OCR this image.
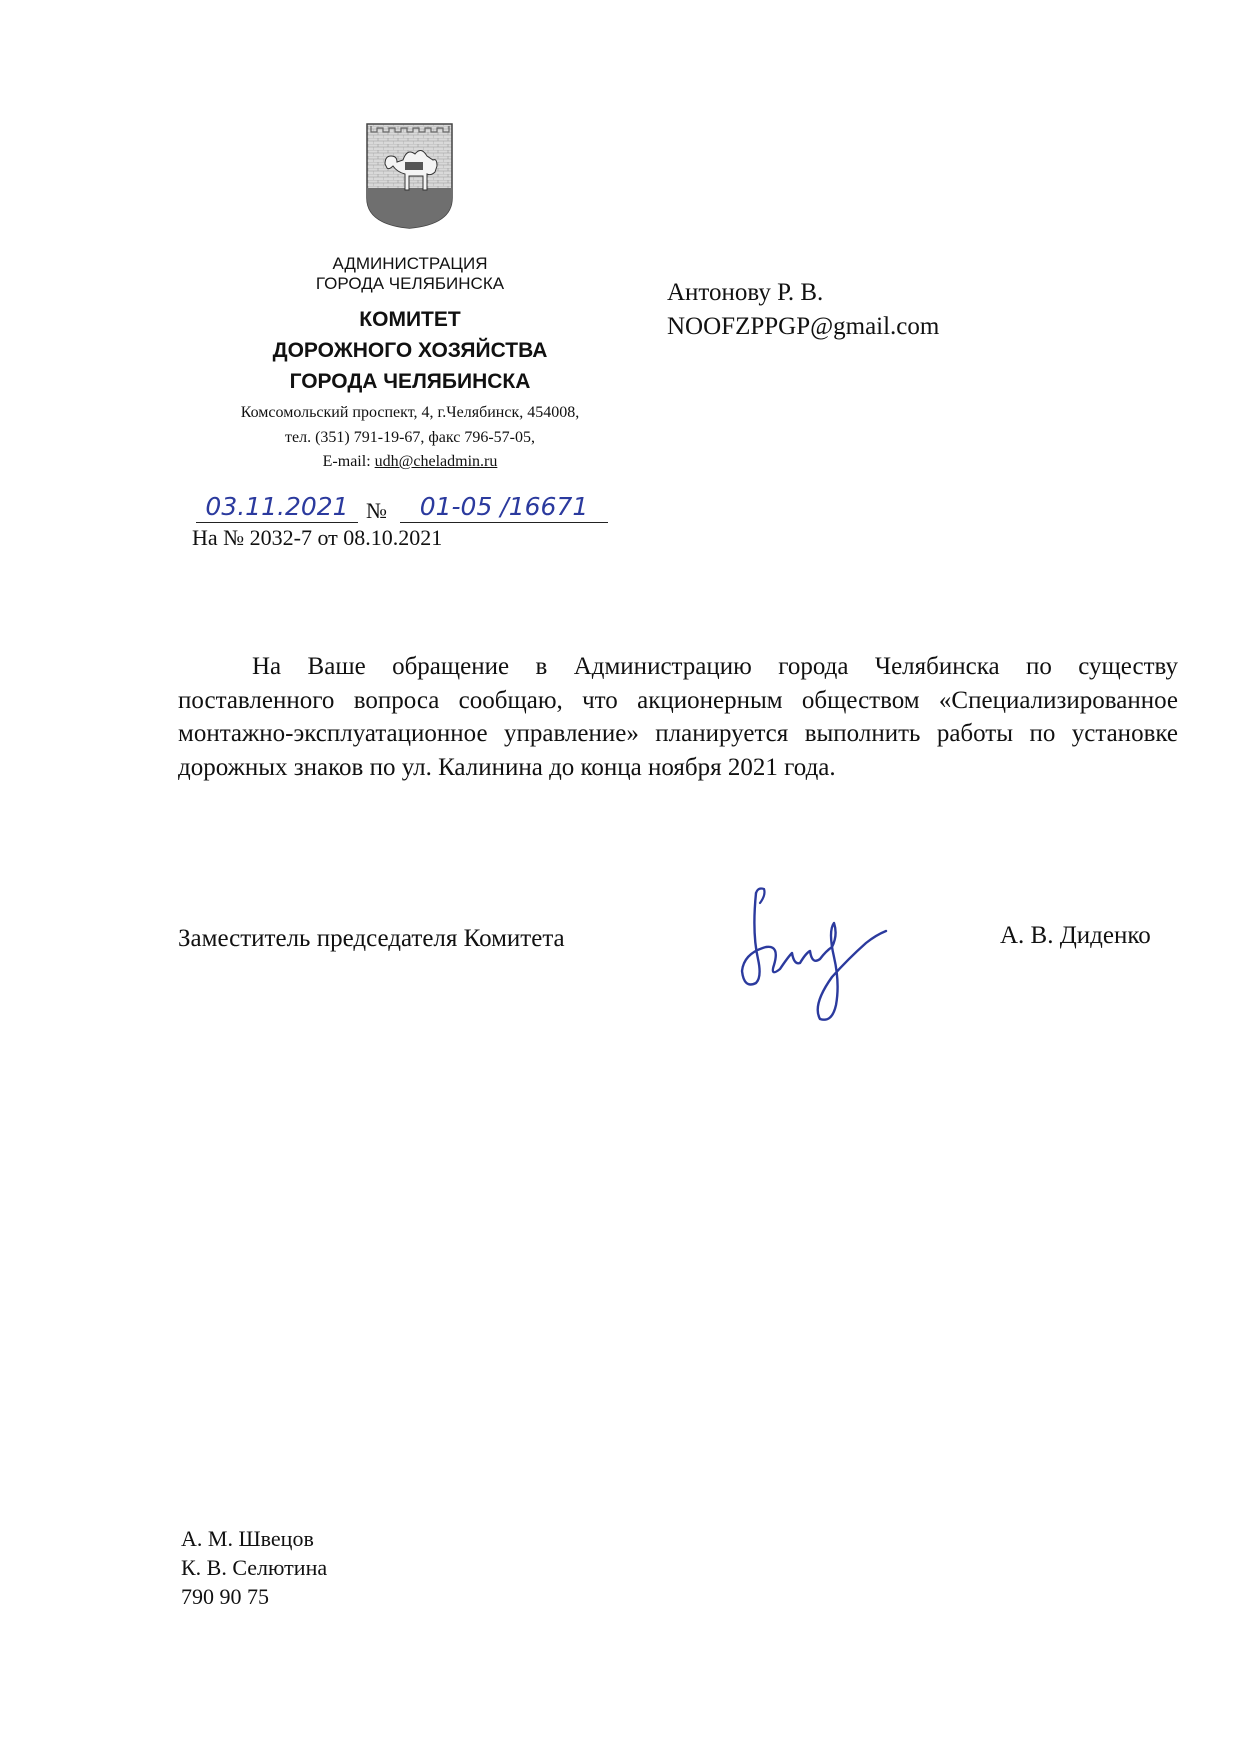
АДМИНИСТРАЦИЯ
ГОРОДА ЧЕЛЯБИНСКА
КОМИТЕТ
ДОРОЖНОГО ХОЗЯЙСТВА
ГОРОДА ЧЕЛЯБИНСКА
Комсомольский проспект, 4, г.Челябинск, 454008,
тел. (351) 791-19-67, факс 796-57-05,
E-mail: udh@cheladmin.ru
03.11.2021 №	01-05 /16671
На № 2032-7 от 08.10.2021
Антонову Р. В.
NOOFZPPGP@gmail.com

На Ваше обращение в Администрацию города Челябинска по существу поставленного вопроса сообщаю, что акционерным обществом «Специализированное монтажно-эксплуатационное управление» планируется выполнить работы по установке дорожных знаков по ул. Калинина до конца ноября 2021 года.

Заместитель председателя Комитета	А. В. Диденко
А. М. Швецов
К. В. Селютина
790 90 75
